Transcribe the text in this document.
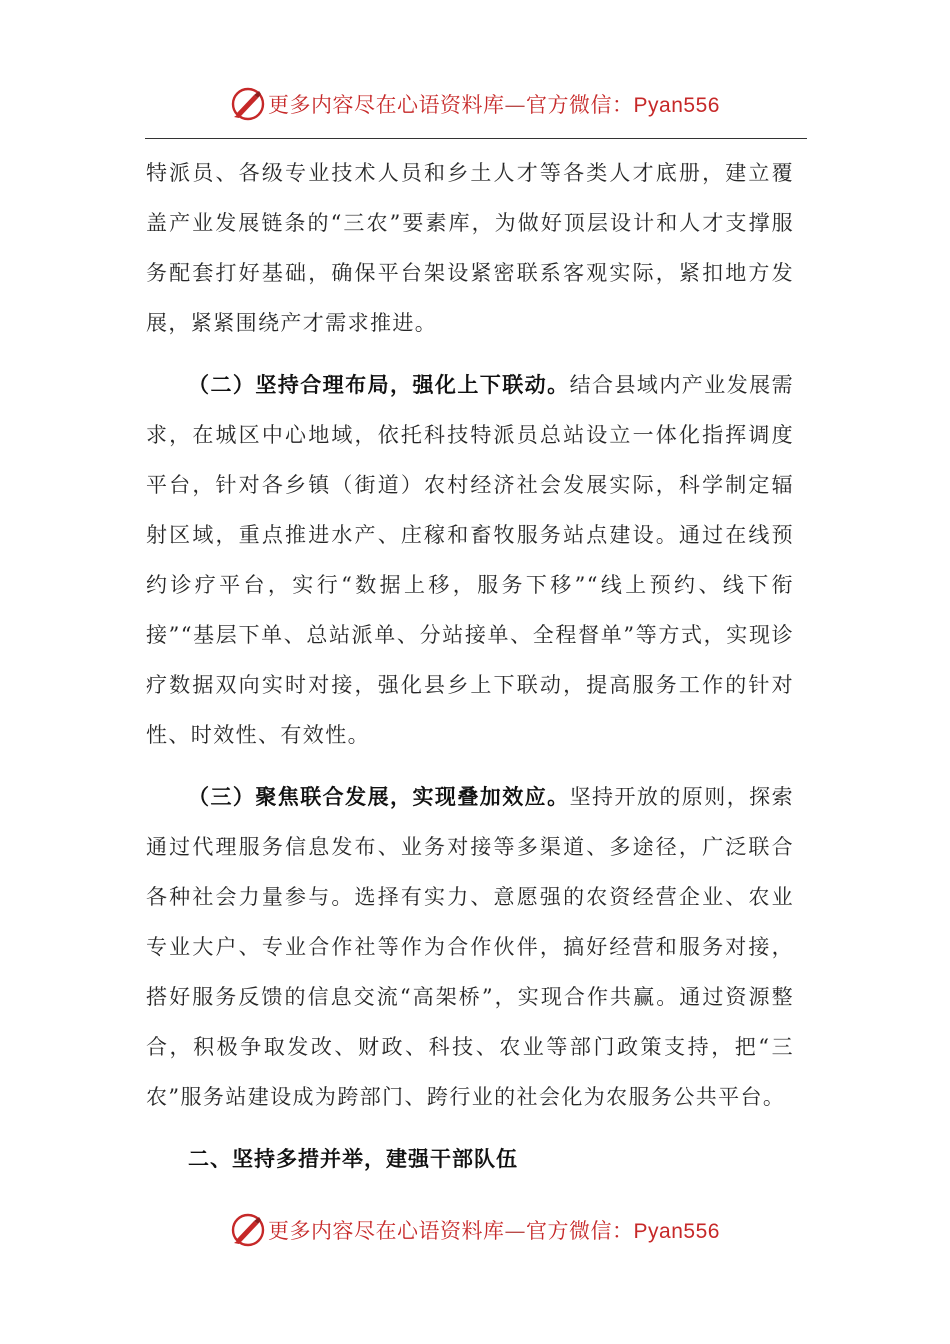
更多内容尽在心语资料库—官方微信：Pyan556

特派员、各级专业技术人员和乡土人才等各类人才底册，建立覆盖产业发展链条的“三农”要素库，为做好顶层设计和人才支撑服务配套打好基础，确保平台架设紧密联系客观实际，紧扣地方发展，紧紧围绕产才需求推进。

（二）坚持合理布局，强化上下联动。结合县域内产业发展需求，在城区中心地域，依托科技特派员总站设立一体化指挥调度平台，针对各乡镇（街道）农村经济社会发展实际，科学制定辐射区域，重点推进水产、庄稼和畜牧服务站点建设。通过在线预约诊疗平台，实行“数据上移，服务下移”“线上预约、线下衔接”“基层下单、总站派单、分站接单、全程督单”等方式，实现诊疗数据双向实时对接，强化县乡上下联动，提高服务工作的针对性、时效性、有效性。

（三）聚焦联合发展，实现叠加效应。坚持开放的原则，探索通过代理服务信息发布、业务对接等多渠道、多途径，广泛联合各种社会力量参与。选择有实力、意愿强的农资经营企业、农业专业大户、专业合作社等作为合作伙伴，搞好经营和服务对接，搭好服务反馈的信息交流“高架桥”，实现合作共赢。通过资源整合，积极争取发改、财政、科技、农业等部门政策支持，把“三农”服务站建设成为跨部门、跨行业的社会化为农服务公共平台。

二、坚持多措并举，建强干部队伍

更多内容尽在心语资料库—官方微信：Pyan556
